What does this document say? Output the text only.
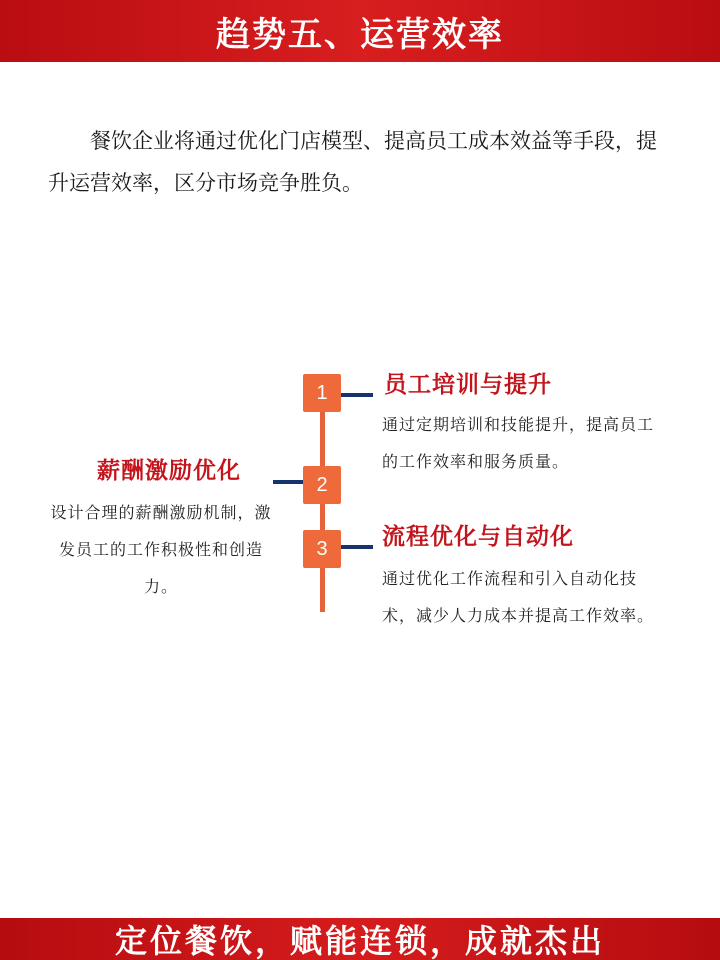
趋势五、运营效率

餐饮企业将通过优化门店模型、提高员工成本效益等手段，提升运营效率，区分市场竞争胜负。

1	员工培训与提升
通过定期培训和技能提升，提高员工的工作效率和服务质量。
2
薪酬激励优化
设计合理的薪酬激励机制，激发员工的工作积极性和创造力。
3	流程优化与自动化
通过优化工作流程和引入自动化技术，减少人力成本并提高工作效率。
定位餐饮，赋能连锁，成就杰出
